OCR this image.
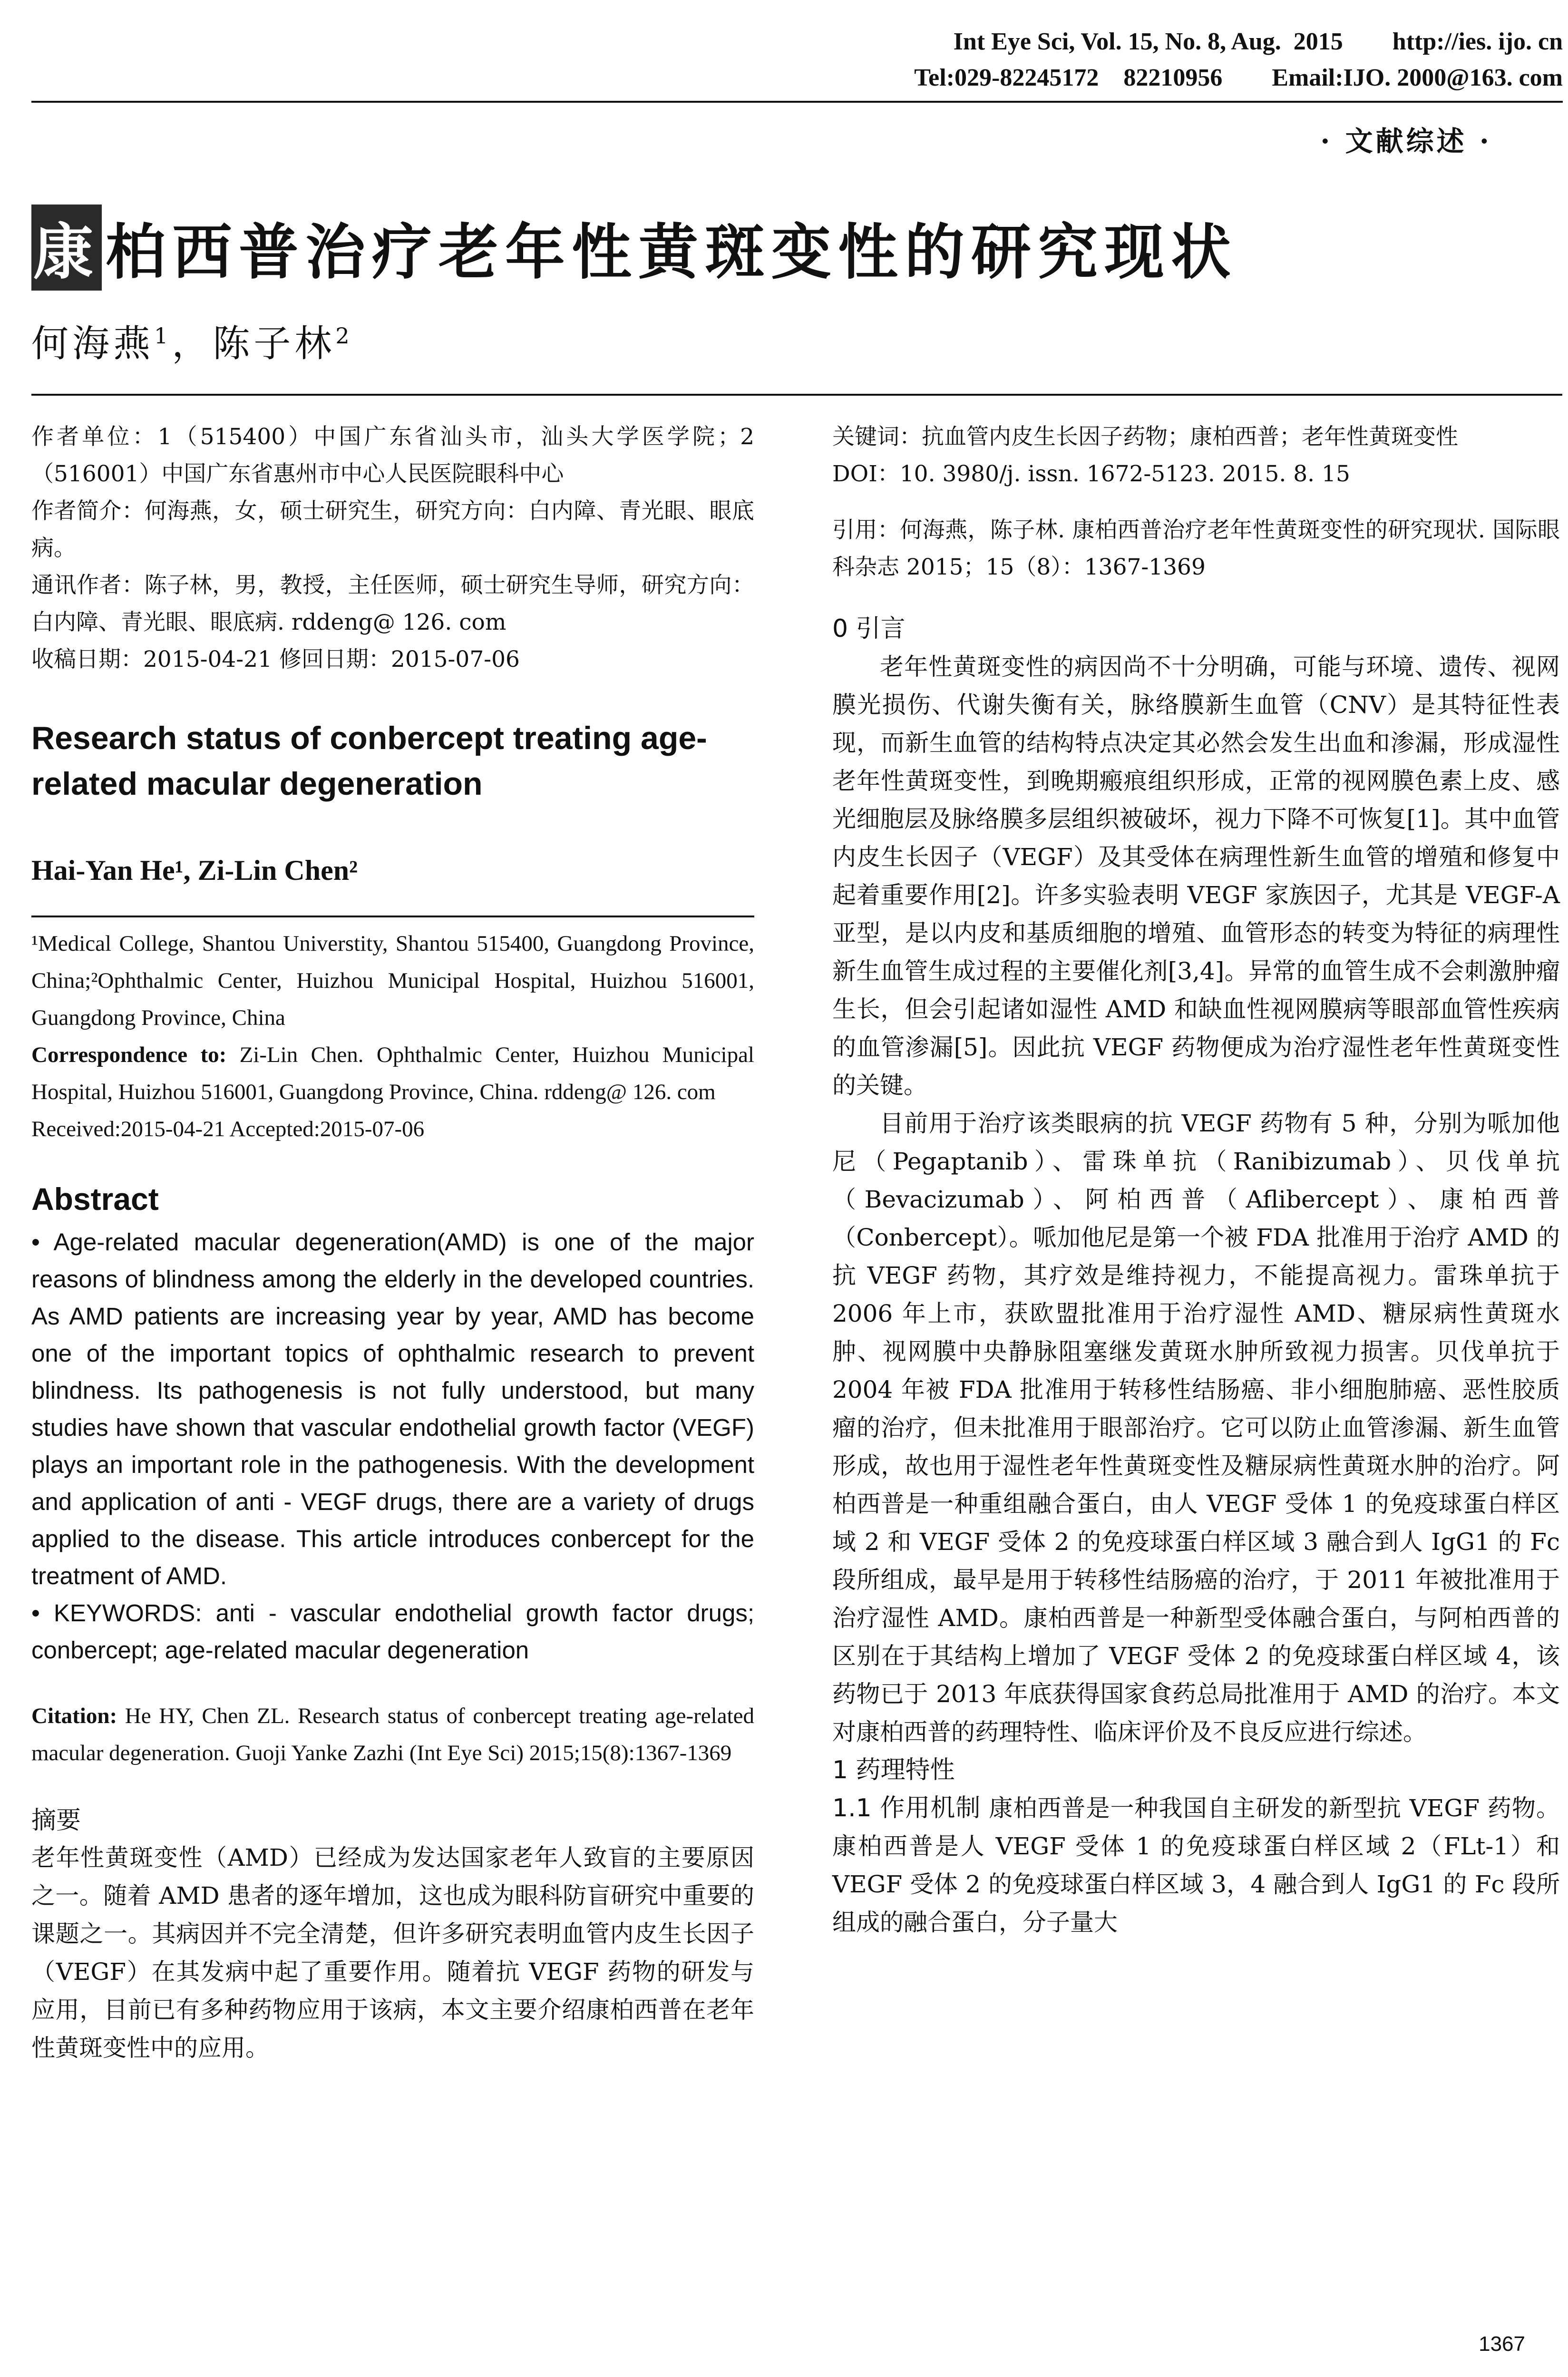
Int Eye Sci, Vol. 15, No. 8, Aug.  2015        http://ies. ijo. cn
Tel:029-82245172    82210956        Email:IJO. 2000@163. com
· 文献综述 ·
康 柏西普治疗老年性黄斑变性的研究现状
何海燕$^1$，陈子林$^2$

作者单位：1（515400）中国广东省汕头市，汕头大学医学院；2（516001）中国广东省惠州市中心人民医院眼科中心

作者简介：何海燕，女，硕士研究生，研究方向：白内障、青光眼、眼底病。

通讯作者：陈子林，男，教授，主任医师，硕士研究生导师，研究方向：白内障、青光眼、眼底病. rddeng@ 126. com

收稿日期：2015-04-21 修回日期：2015-07-06

Research status of conbercept treating age-related macular degeneration
Hai-Yan He¹, Zi-Lin Chen²

¹Medical College, Shantou Universtity, Shantou 515400, Guangdong Province, China;²Ophthalmic Center, Huizhou Municipal Hospital, Huizhou 516001, Guangdong Province, China

Correspondence to: Zi-Lin Chen. Ophthalmic Center, Huizhou Municipal Hospital, Huizhou 516001, Guangdong Province, China. rddeng@ 126. com

Received:2015-04-21 Accepted:2015-07-06

Abstract

• Age-related macular degeneration(AMD) is one of the major reasons of blindness among the elderly in the developed countries. As AMD patients are increasing year by year, AMD has become one of the important topics of ophthalmic research to prevent blindness. Its pathogenesis is not fully understood, but many studies have shown that vascular endothelial growth factor (VEGF) plays an important role in the pathogenesis. With the development and application of anti - VEGF drugs, there are a variety of drugs applied to the disease. This article introduces conbercept for the treatment of AMD.

• KEYWORDS: anti - vascular endothelial growth factor drugs; conbercept; age-related macular degeneration

Citation: He HY, Chen ZL. Research status of conbercept treating age-related macular degeneration. Guoji Yanke Zazhi (Int Eye Sci) 2015;15(8):1367-1369

摘要

老年性黄斑变性（AMD）已经成为发达国家老年人致盲的主要原因之一。随着 AMD 患者的逐年增加，这也成为眼科防盲研究中重要的课题之一。其病因并不完全清楚，但许多研究表明血管内皮生长因子（VEGF）在其发病中起了重要作用。随着抗 VEGF 药物的研发与应用，目前已有多种药物应用于该病，本文主要介绍康柏西普在老年性黄斑变性中的应用。

关键词：抗血管内皮生长因子药物；康柏西普；老年性黄斑变性

DOI：10. 3980/j. issn. 1672-5123. 2015. 8. 15

引用：何海燕，陈子林. 康柏西普治疗老年性黄斑变性的研究现状. 国际眼科杂志 2015；15（8）：1367-1369

0 引言

老年性黄斑变性的病因尚不十分明确，可能与环境、遗传、视网膜光损伤、代谢失衡有关，脉络膜新生血管（CNV）是其特征性表现，而新生血管的结构特点决定其必然会发生出血和渗漏，形成湿性老年性黄斑变性，到晚期瘢痕组织形成，正常的视网膜色素上皮、感光细胞层及脉络膜多层组织被破坏，视力下降不可恢复[1]。其中血管内皮生长因子（VEGF）及其受体在病理性新生血管的增殖和修复中起着重要作用[2]。许多实验表明 VEGF 家族因子，尤其是 VEGF-A 亚型，是以内皮和基质细胞的增殖、血管形态的转变为特征的病理性新生血管生成过程的主要催化剂[3,4]。异常的血管生成不会刺激肿瘤生长，但会引起诸如湿性 AMD 和缺血性视网膜病等眼部血管性疾病的血管渗漏[5]。因此抗 VEGF 药物便成为治疗湿性老年性黄斑变性的关键。

目前用于治疗该类眼病的抗 VEGF 药物有 5 种，分别为哌加他尼（Pegaptanib）、雷珠单抗（Ranibizumab）、贝伐单抗（Bevacizumab）、阿柏西普（Aflibercept）、康柏西普（Conbercept）。哌加他尼是第一个被 FDA 批准用于治疗 AMD 的抗 VEGF 药物，其疗效是维持视力，不能提高视力。雷珠单抗于 2006 年上市，获欧盟批准用于治疗湿性 AMD、糖尿病性黄斑水肿、视网膜中央静脉阻塞继发黄斑水肿所致视力损害。贝伐单抗于 2004 年被 FDA 批准用于转移性结肠癌、非小细胞肺癌、恶性胶质瘤的治疗，但未批准用于眼部治疗。它可以防止血管渗漏、新生血管形成，故也用于湿性老年性黄斑变性及糖尿病性黄斑水肿的治疗。阿柏西普是一种重组融合蛋白，由人 VEGF 受体 1 的免疫球蛋白样区域 2 和 VEGF 受体 2 的免疫球蛋白样区域 3 融合到人 IgG1 的 Fc 段所组成，最早是用于转移性结肠癌的治疗，于 2011 年被批准用于治疗湿性 AMD。康柏西普是一种新型受体融合蛋白，与阿柏西普的区别在于其结构上增加了 VEGF 受体 2 的免疫球蛋白样区域 4，该药物已于 2013 年底获得国家食药总局批准用于 AMD 的治疗。本文对康柏西普的药理特性、临床评价及不良反应进行综述。

1 药理特性

1.1 作用机制 康柏西普是一种我国自主研发的新型抗 VEGF 药物。康柏西普是人 VEGF 受体 1 的免疫球蛋白样区域 2（FLt-1）和 VEGF 受体 2 的免疫球蛋白样区域 3，4 融合到人 IgG1 的 Fc 段所组成的融合蛋白，分子量大

1367
